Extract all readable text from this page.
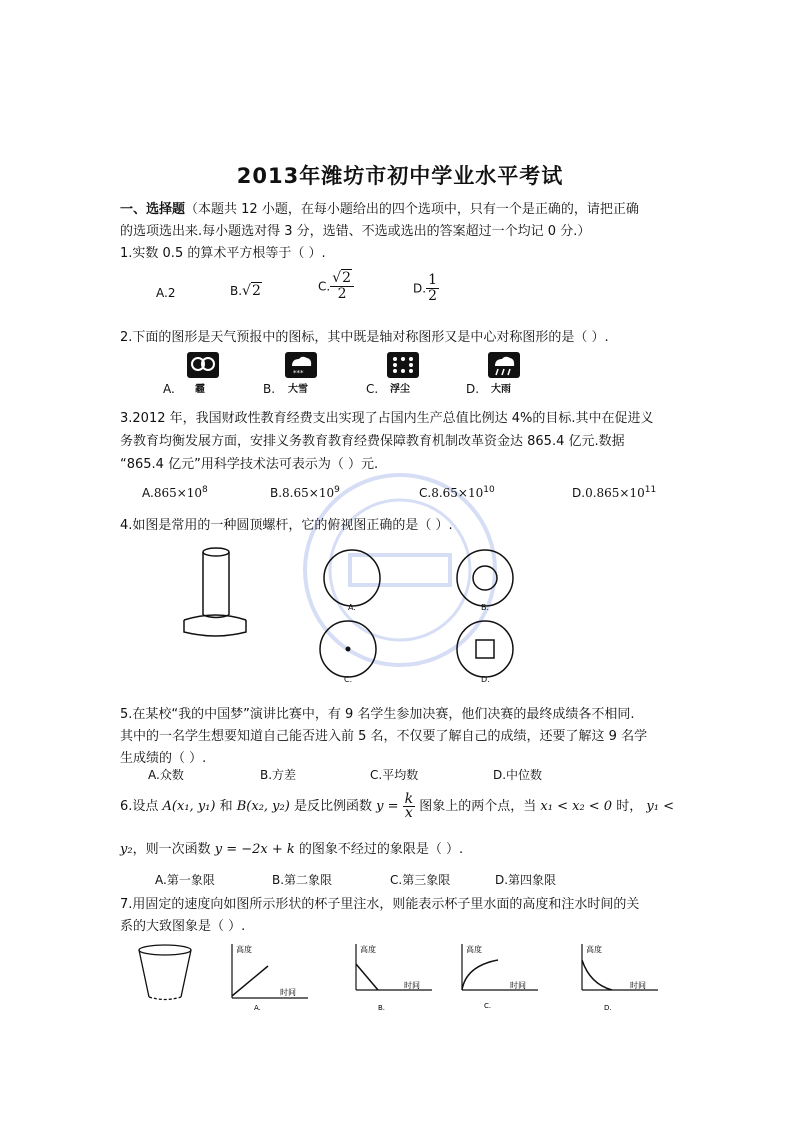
2013年潍坊市初中学业水平考试
一、选择题（本题共 12 小题，在每小题给出的四个选项中，只有一个是正确的，请把正确
的选项选出来.每小题选对得 3 分，选错、不选或选出的答案超过一个均记 0 分.）
1.实数 0.5 的算术平方根等于（ ）.
A.2	B.√2	C. $\frac{√2}{2}$	D. $\frac{1}{2}$
2.下面的图形是天气预报中的图标，其中既是轴对称图形又是中心对称图形的是（ ）.
A. 霾
***
B. 大雪	C. 浮尘	D. 大雨
3.2012 年，我国财政性教育经费支出实现了占国内生产总值比例达 4%的目标.其中在促进义
务教育均衡发展方面，安排义务教育教育经费保障教育机制改革资金达 865.4 亿元.数据
“865.4 亿元”用科学技术法可表示为（ ）元.
$A.865\times 10^8$	$B.8.65\times 10^9$	$C.8.65\times 10^{10}$	$D.0.865\times 10^{11}$
4.如图是常用的一种圆顶螺杆，它的俯视图正确的是（ ）.
A.	B.
C.	D.
5.在某校“我的中国梦”演讲比赛中，有 9 名学生参加决赛，他们决赛的最终成绩各不相同.
其中的一名学生想要知道自己能否进入前 5 名，不仅要了解自己的成绩，还要了解这 9 名学
生成绩的（ ）.
A.众数	B.方差	C.平均数	D.中位数
6.设点 A(x₁, y₁) 和 B(x₂, y₂) 是反比例函数 $y = \frac{k}{x}$ 图象上的两个点，当 x₁ < x₂ < 0 时， y₁ <
y₂，则一次函数 y = −2x + k 的图象不经过的象限是（ ）.
A.第一象限	B.第二象限	C.第三象限	D.第四象限
7.用固定的速度向如图所示形状的杯子里注水，则能表示杯子里水面的高度和注水时间的关
系的大致图象是（ ）.
高度
时间
A.
高度
时间
B.
高度
时间
C.
高度
时间
D.
